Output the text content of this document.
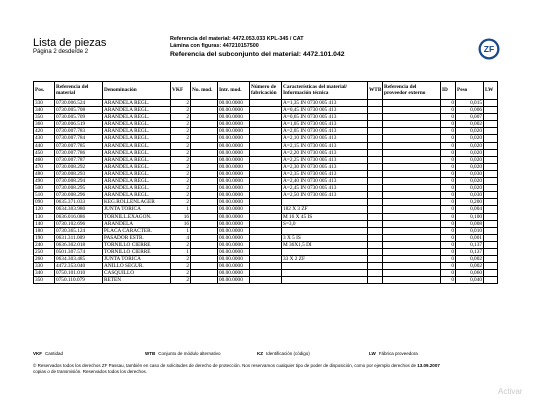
Lista de piezas
Página 2 desde/de 2
Referencia del material: 4472.053.033 KPL-345 / CAT
Lámina con figuras: 447210157500
Referencia del subconjunto del material: 4472.101.042
ZF
Pos.	Referencia del material	Denominación	VKF	No. mod.	Intr. mod.	Número de fabricación	Características del material/ Información técnica	WTB	Referencia del proveedor externo	ID	Peso	LW
330	0730.006.524	ARANDELA REGL.	2		00.00.0000		A=1,35 IN 0730 005 413			0	0,015	
340	0730.005.708	ARANDELA REGL.	2		00.00.0000		A=0,45 IN 0730 005 413			0	0,006	
350	0730.005.709	ARANDELA REGL.	2		00.00.0000		A=0,65 IN 0730 005 413			0	0,007	
360	0730.006.519	ARANDELA REGL.	2		00.00.0000		A=1,05 IN 0730 005 413			0	0,002	
420	0730.007.783	ARANDELA REGL.	2		00.00.0000		A=2,05 IN 0730 005 413			0	0,020	
430	0730.007.784	ARANDELA REGL.	2		00.00.0000		A=2,10 IN 0730 005 413			0	0,020	
440	0730.007.785	ARANDELA REGL.	2		00.00.0000		A=2,15 IN 0730 005 413			0	0,020	
450	0730.007.786	ARANDELA REGL.	2		00.00.0000		A=2,20 IN 0730 005 413			0	0,020	
460	0730.007.787	ARANDELA REGL.	2		00.00.0000		A=2,25 IN 0730 005 413			0	0,020	
470	0730.008.292	ARANDELA REGL.	2		00.00.0000		A=2,30 IN 0730 005 413			0	0,020	
480	0730.008.293	ARANDELA REGL.	2		00.00.0000		A=2,35 IN 0730 005 413			0	0,030	
490	0730.008.294	ARANDELA REGL.	2		00.00.0000		A=2,40 IN 0730 005 413			0	0,020	
500	0730.008.295	ARANDELA REGL.	2		00.00.0000		A=2,45 IN 0730 005 413			0	0,020	
510	0730.008.296	ARANDELA REGL.	2		00.00.0000		A=2,50 IN 0730 005 413			0	0,030	
090	0635.371.033	KEG.ROLLENLAGER	2		00.00.0000					0	0,200	
120	0634.303.980	JUNTA TORICA	1		00.00.0000		182 X 3 ZF			0	0,004	
130	0636.016.086	TORNILL.EXAGON.	16		00.00.0000		M 16 X 45 IS			0	0,100	
140	0730.102.696	ARANDELA	16		00.00.0000		S=3,0			0	0,008	
180	0730.365.124	PLACA CARACTER.	1		00.00.0000					0	0,010	
190	0631.311.009	PASADOR ESTR.	4		00.00.0000		3 X 5 IS			0	0,001	
240	0636.302.018	TORNILLO CIERRE	2		00.00.0000		M 36X1,5 DI			0	0,137	
250	0501.307.574	TORNILLO CIERRE	1		00.00.0000					0	0,137	
260	0634.303.485	JUNTA TORICA	2		00.00.0000		33 X 2 ZF			0	0,002	
330	4472.353.040	ANILLO SEGUR.	2		00.00.0000					0	0,002	
340	0750.101.010	CASQUILLO	2		00.00.0000					0	0,060	
350	0750.110.079	RETEN	2		00.00.0000					0	0,040	
VKF Cantidad	WTB Conjunto de módulo alternativo	KZ Identificación (código)	LW Fábrica proveedora
© Reservados todos los derechos ZF Passau, también en caso de solicitudes de derecho de protección. Nos reservamos cualquier tipo de poder de disposición, como por ejemplo derechos de 13.09.2007
copias o de transmisión. Reservados todos los derechos.
Activar
